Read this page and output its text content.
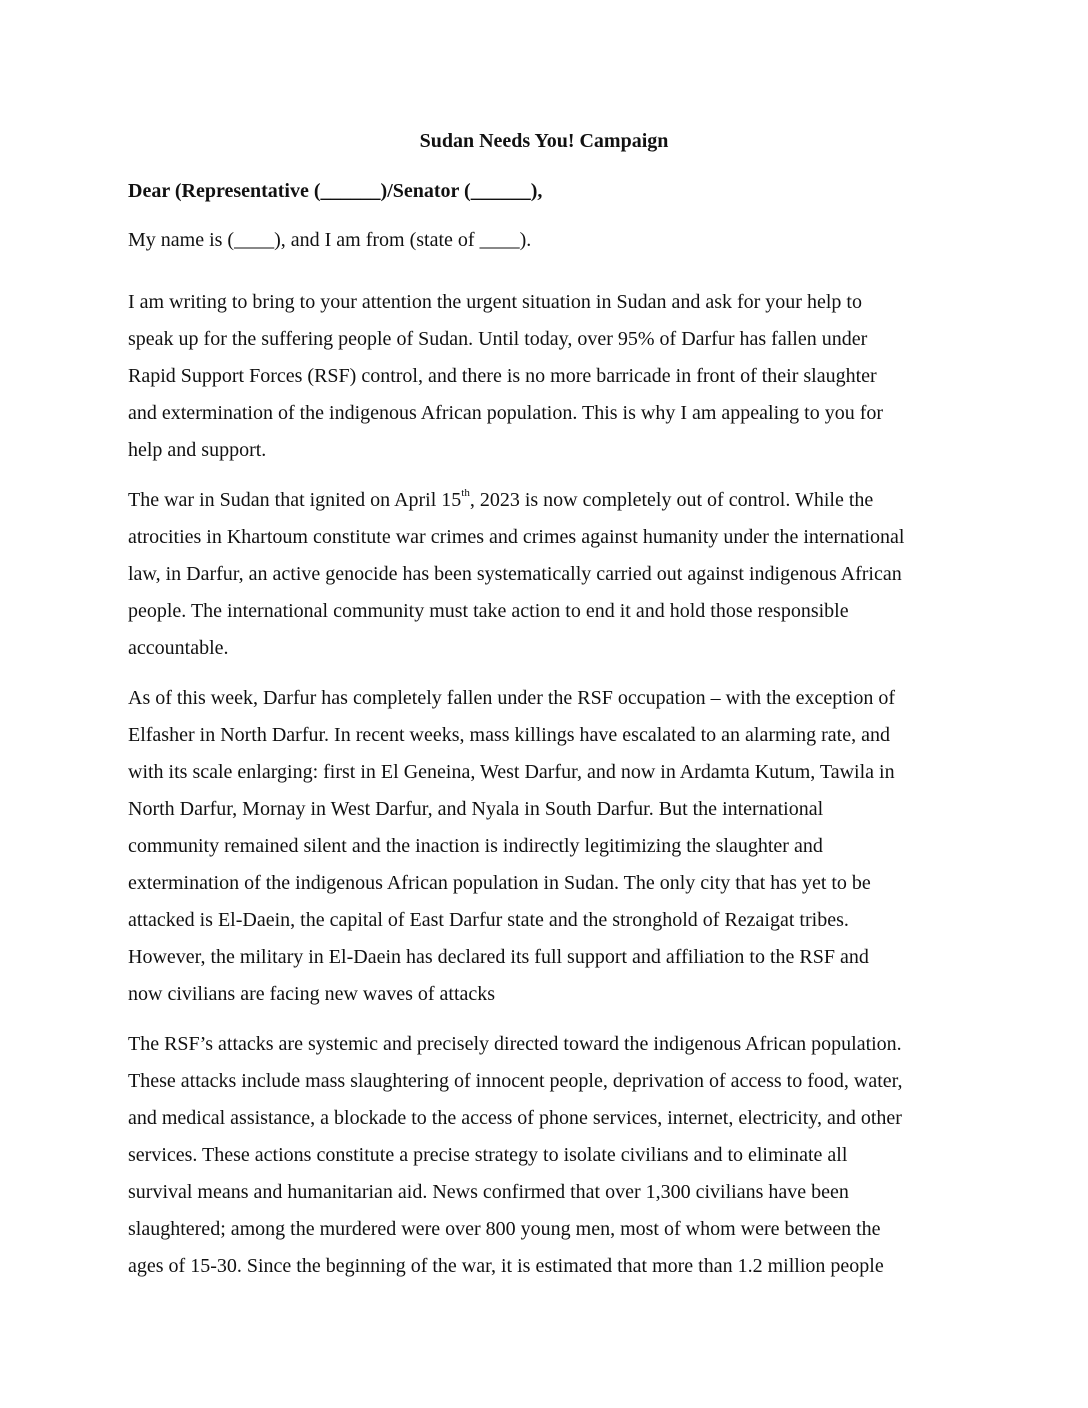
Sudan Needs You! Campaign
Dear (Representative (______)/Senator (______),
My name is (____), and I am from (state of ____).

I am writing to bring to your attention the urgent situation in Sudan and ask for your help to
speak up for the suffering people of Sudan. Until today, over 95% of Darfur has fallen under
Rapid Support Forces (RSF) control, and there is no more barricade in front of their slaughter
and extermination of the indigenous African population. This is why I am appealing to you for
help and support.

The war in Sudan that ignited on April 15th, 2023 is now completely out of control. While the
atrocities in Khartoum constitute war crimes and crimes against humanity under the international
law, in Darfur, an active genocide has been systematically carried out against indigenous African
people. The international community must take action to end it and hold those responsible
accountable.

As of this week, Darfur has completely fallen under the RSF occupation – with the exception of
Elfasher in North Darfur. In recent weeks, mass killings have escalated to an alarming rate, and
with its scale enlarging: first in El Geneina, West Darfur, and now in Ardamta Kutum, Tawila in
North Darfur, Mornay in West Darfur, and Nyala in South Darfur. But the international
community remained silent and the inaction is indirectly legitimizing the slaughter and
extermination of the indigenous African population in Sudan. The only city that has yet to be
attacked is El-Daein, the capital of East Darfur state and the stronghold of Rezaigat tribes.
However, the military in El-Daein has declared its full support and affiliation to the RSF and
now civilians are facing new waves of attacks

The RSF’s attacks are systemic and precisely directed toward the indigenous African population.
These attacks include mass slaughtering of innocent people, deprivation of access to food, water,
and medical assistance, a blockade to the access of phone services, internet, electricity, and other
services. These actions constitute a precise strategy to isolate civilians and to eliminate all
survival means and humanitarian aid. News confirmed that over 1,300 civilians have been
slaughtered; among the murdered were over 800 young men, most of whom were between the
ages of 15-30. Since the beginning of the war, it is estimated that more than 1.2 million people
